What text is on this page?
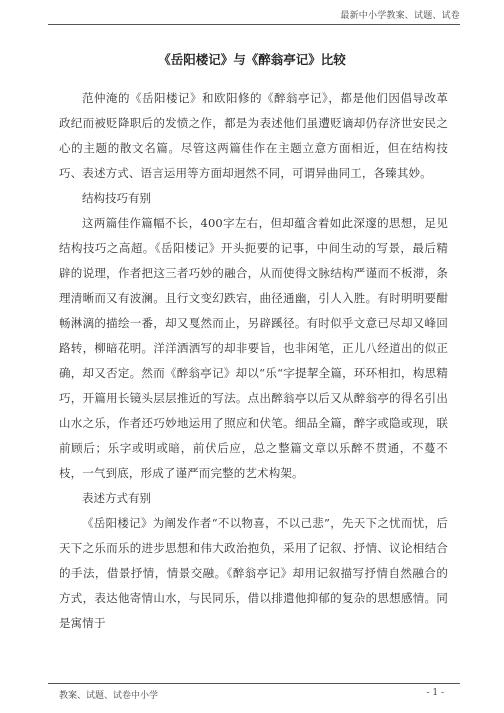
最新中小学教案、试题、试卷
《岳阳楼记》与《醉翁亭记》比较

范仲淹的《岳阳楼记》和欧阳修的《醉翁亭记》，都是他们因倡导改革政纪而被贬降职后的发愤之作，都是为表述他们虽遭贬谪却仍存济世安民之心的主题的散文名篇。尽管这两篇佳作在主题立意方面相近，但在结构技巧、表述方式、语言运用等方面却迥然不同，可谓异曲同工，各臻其妙。

结构技巧有别

这两篇佳作篇幅不长，400字左右，但却蕴含着如此深邃的思想，足见结构技巧之高超。《岳阳楼记》开头扼要的记事，中间生动的写景，最后精辟的说理，作者把这三者巧妙的融合，从而使得文脉结构严谨而不板滞，条理清晰而又有波澜。且行文变幻跌宕，曲径通幽，引人入胜。有时明明要酣畅淋漓的描绘一番，却又戛然而止，另辟蹊径。有时似乎文意已尽却又峰回路转，柳暗花明。洋洋洒洒写的却非要旨，也非闲笔，正儿八经道出的似正确，却又否定。然而《醉翁亭记》却以“乐“字提挈全篇，环环相扣，构思精巧，开篇用长镜头层层推近的写法。点出醉翁亭以后又从醉翁亭的得名引出山水之乐，作者还巧妙地运用了照应和伏笔。细品全篇，醉字或隐或现，联前顾后；乐字或明或暗，前伏后应，总之整篇文章以乐醉不贯通，不蔓不枝，一气到底，形成了谨严而完整的艺术构架。

表述方式有别

《岳阳楼记》为阐发作者“不以物喜，不以己悲”，先天下之忧而忧，后天下之乐而乐的进步思想和伟大政治抱负，采用了记叙、抒情、议论相结合的手法，借景抒情，情景交融。《醉翁亭记》却用记叙描写抒情自然融合的方式，表达他寄情山水，与民同乐，借以排遣他抑郁的复杂的思想感情。同是寓情于

教案、试题、试卷中小学	- 1 -
